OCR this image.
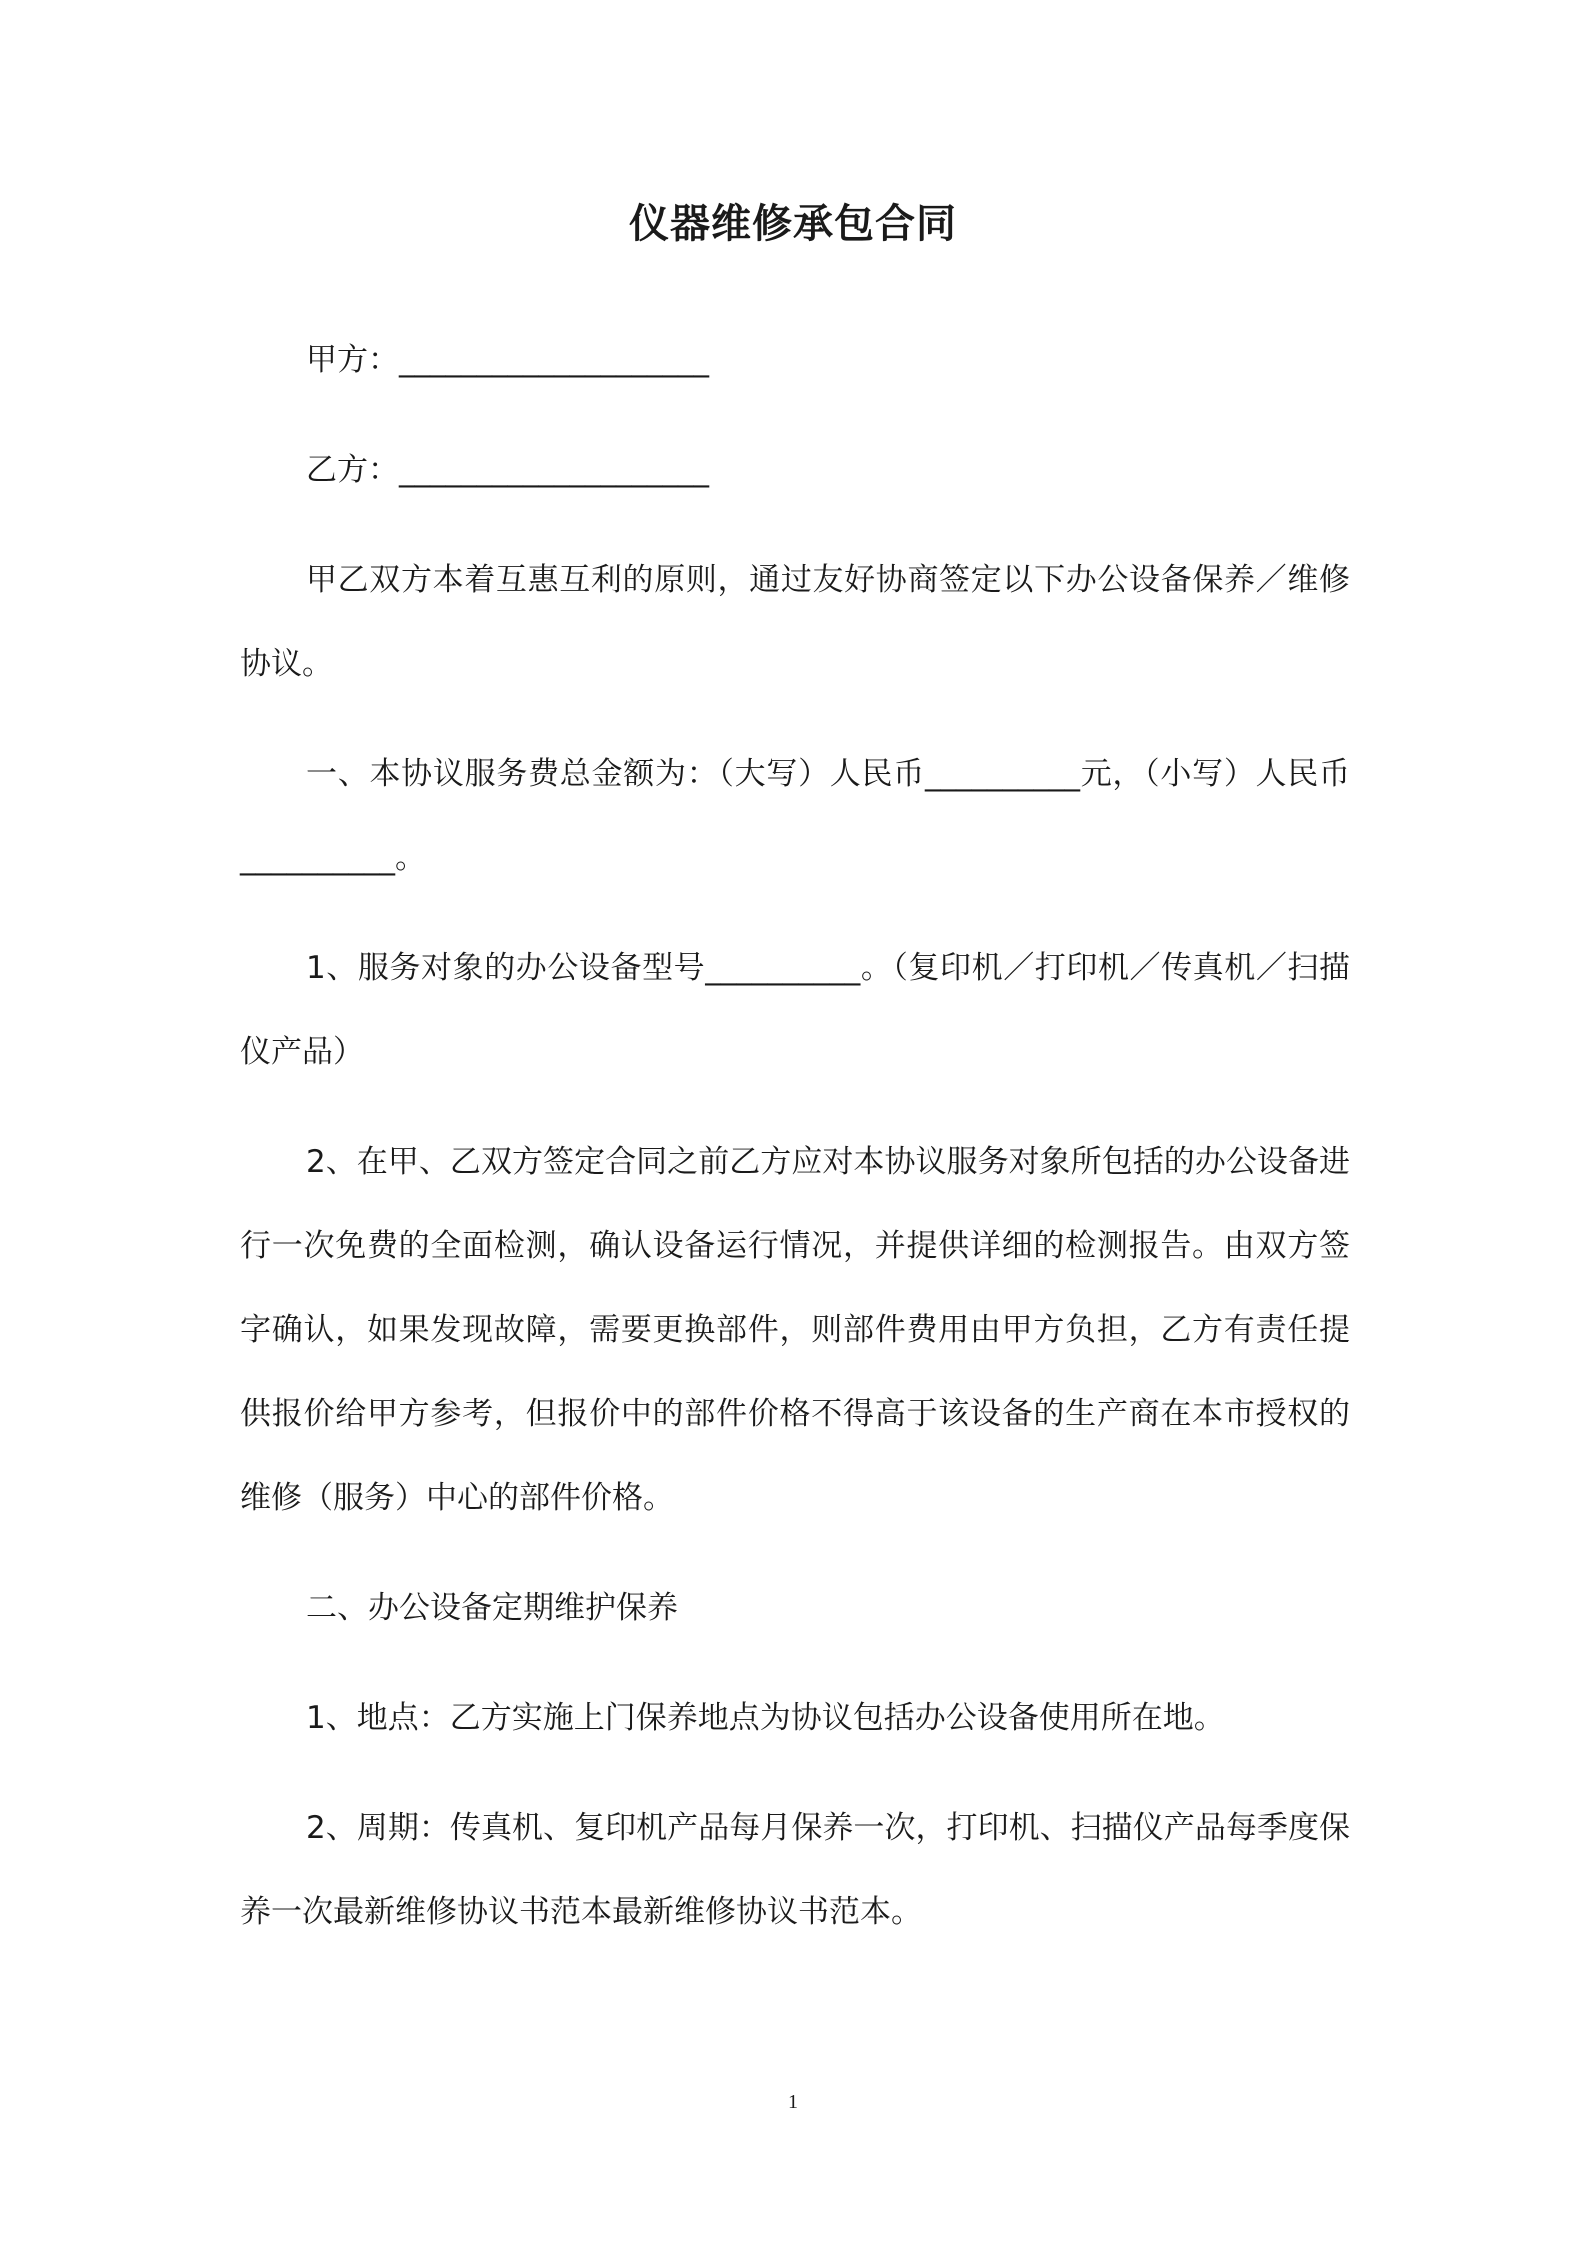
仪器维修承包合同

甲方：____________________

乙方：____________________

甲乙双方本着互惠互利的原则，通过友好协商签定以下办公设备保养／维修协议。

一、本协议服务费总金额为：（大写）人民币__________元，（小写）人民币__________。

1、服务对象的办公设备型号__________。（复印机／打印机／传真机／扫描仪产品）

2、在甲、乙双方签定合同之前乙方应对本协议服务对象所包括的办公设备进行一次免费的全面检测，确认设备运行情况，并提供详细的检测报告。由双方签字确认，如果发现故障，需要更换部件，则部件费用由甲方负担，乙方有责任提供报价给甲方参考，但报价中的部件价格不得高于该设备的生产商在本市授权的维修（服务）中心的部件价格。

二、办公设备定期维护保养

1、地点：乙方实施上门保养地点为协议包括办公设备使用所在地。

2、周期：传真机、复印机产品每月保养一次，打印机、扫描仪产品每季度保养一次最新维修协议书范本最新维修协议书范本。

1
